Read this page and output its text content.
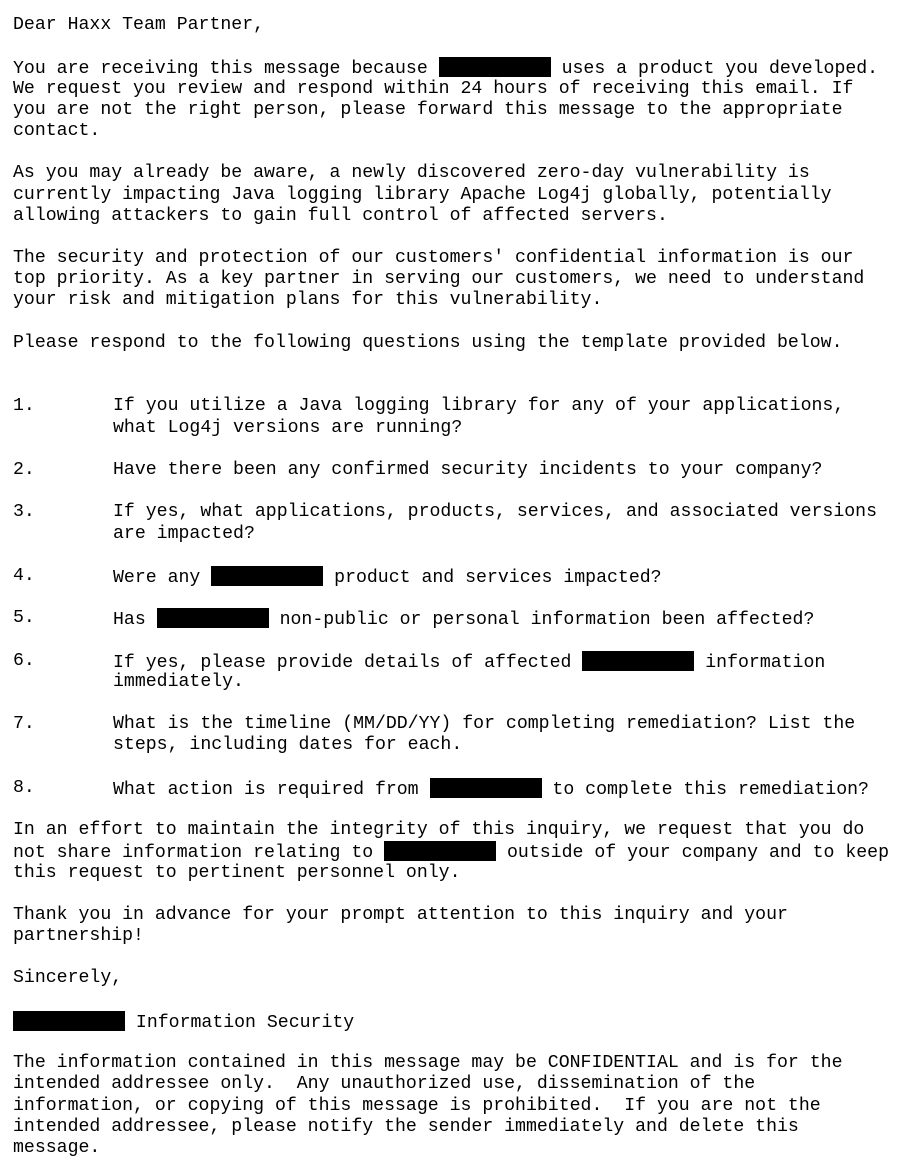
Dear Haxx Team Partner,
You are receiving this message because	uses a product you developed.
We request you review and respond within 24 hours of receiving this email. If
you are not the right person, please forward this message to the appropriate
contact.
As you may already be aware, a newly discovered zero-day vulnerability is
currently impacting Java logging library Apache Log4j globally, potentially
allowing attackers to gain full control of affected servers.
The security and protection of our customers' confidential information is our
top priority. As a key partner in serving our customers, we need to understand
your risk and mitigation plans for this vulnerability.
Please respond to the following questions using the template provided below.
1.	If you utilize a Java logging library for any of your applications,
what Log4j versions are running?
2.	Have there been any confirmed security incidents to your company?
3.	If yes, what applications, products, services, and associated versions
are impacted?
4.	Were any	product and services impacted?
5.	Has	non-public or personal information been affected?
6.	If yes, please provide details of affected	information
immediately.
7.	What is the timeline (MM/DD/YY) for completing remediation? List the
steps, including dates for each.
8.	What action is required from	to complete this remediation?
In an effort to maintain the integrity of this inquiry, we request that you do
not share information relating to	outside of your company and to keep
this request to pertinent personnel only.
Thank you in advance for your prompt attention to this inquiry and your
partnership!
Sincerely,
Information Security
The information contained in this message may be CONFIDENTIAL and is for the
intended addressee only.  Any unauthorized use, dissemination of the
information, or copying of this message is prohibited.  If you are not the
intended addressee, please notify the sender immediately and delete this
message.
